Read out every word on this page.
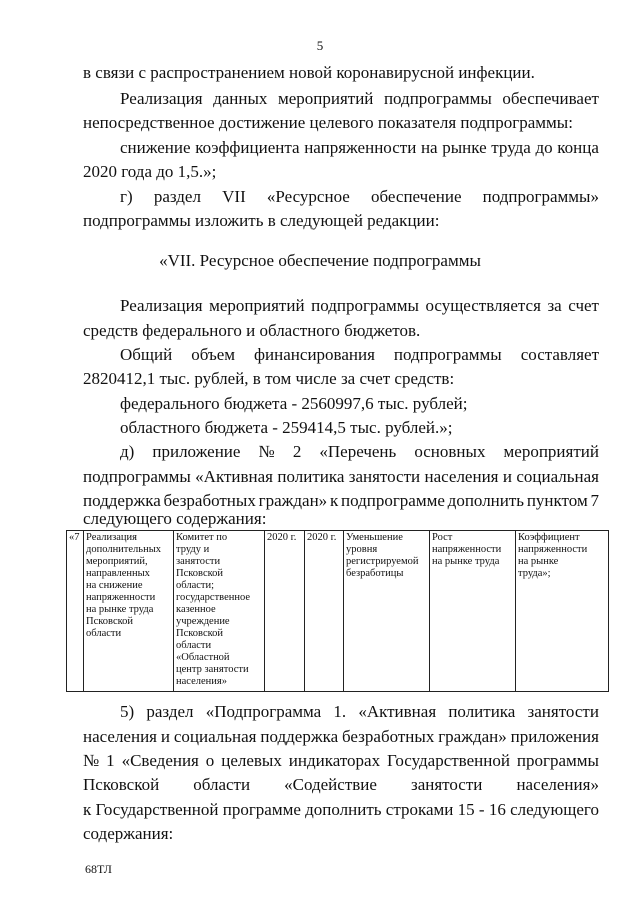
5
в связи с распространением новой коронавирусной инфекции.
Реализация данных мероприятий подпрограммы обеспечивает
непосредственное достижение целевого показателя подпрограммы:
снижение коэффициента напряженности на рынке труда до конца
2020 года до 1,5.»;
г) раздел VII «Ресурсное обеспечение подпрограммы»
подпрограммы изложить в следующей редакции:
«VII. Ресурсное обеспечение подпрограммы
Реализация мероприятий подпрограммы осуществляется за счет
средств федерального и областного бюджетов.
Общий объем финансирования подпрограммы составляет
2820412,1 тыс. рублей, в том числе за счет средств:
федерального бюджета - 2560997,6 тыс. рублей;
областного бюджета - 259414,5 тыс. рублей.»;
д) приложение № 2 «Перечень основных мероприятий
подпрограммы «Активная политика занятости населения и социальная
поддержка безработных граждан» к подпрограмме дополнить пунктом 7
следующего содержания:
«7	Реализация
дополнительных
мероприятий,
направленных
на снижение
напряженности
на рынке труда
Псковской
области	Комитет по
труду и
занятости
Псковской
области;
государственное
казенное
учреждение
Псковской
области
«Областной
центр занятости
населения»	2020 г.	2020 г.	Уменьшение
уровня
регистрируемой
безработицы	Рост
напряженности
на рынке труда	Коэффициент
напряженности
на рынке
труда»;
5) раздел «Подпрограмма 1. «Активная политика занятости
населения и социальная поддержка безработных граждан» приложения
№ 1 «Сведения о целевых индикаторах Государственной программы
Псковской области «Содействие занятости населения»
к Государственной программе дополнить строками 15 - 16 следующего
содержания:
68ТЛ
